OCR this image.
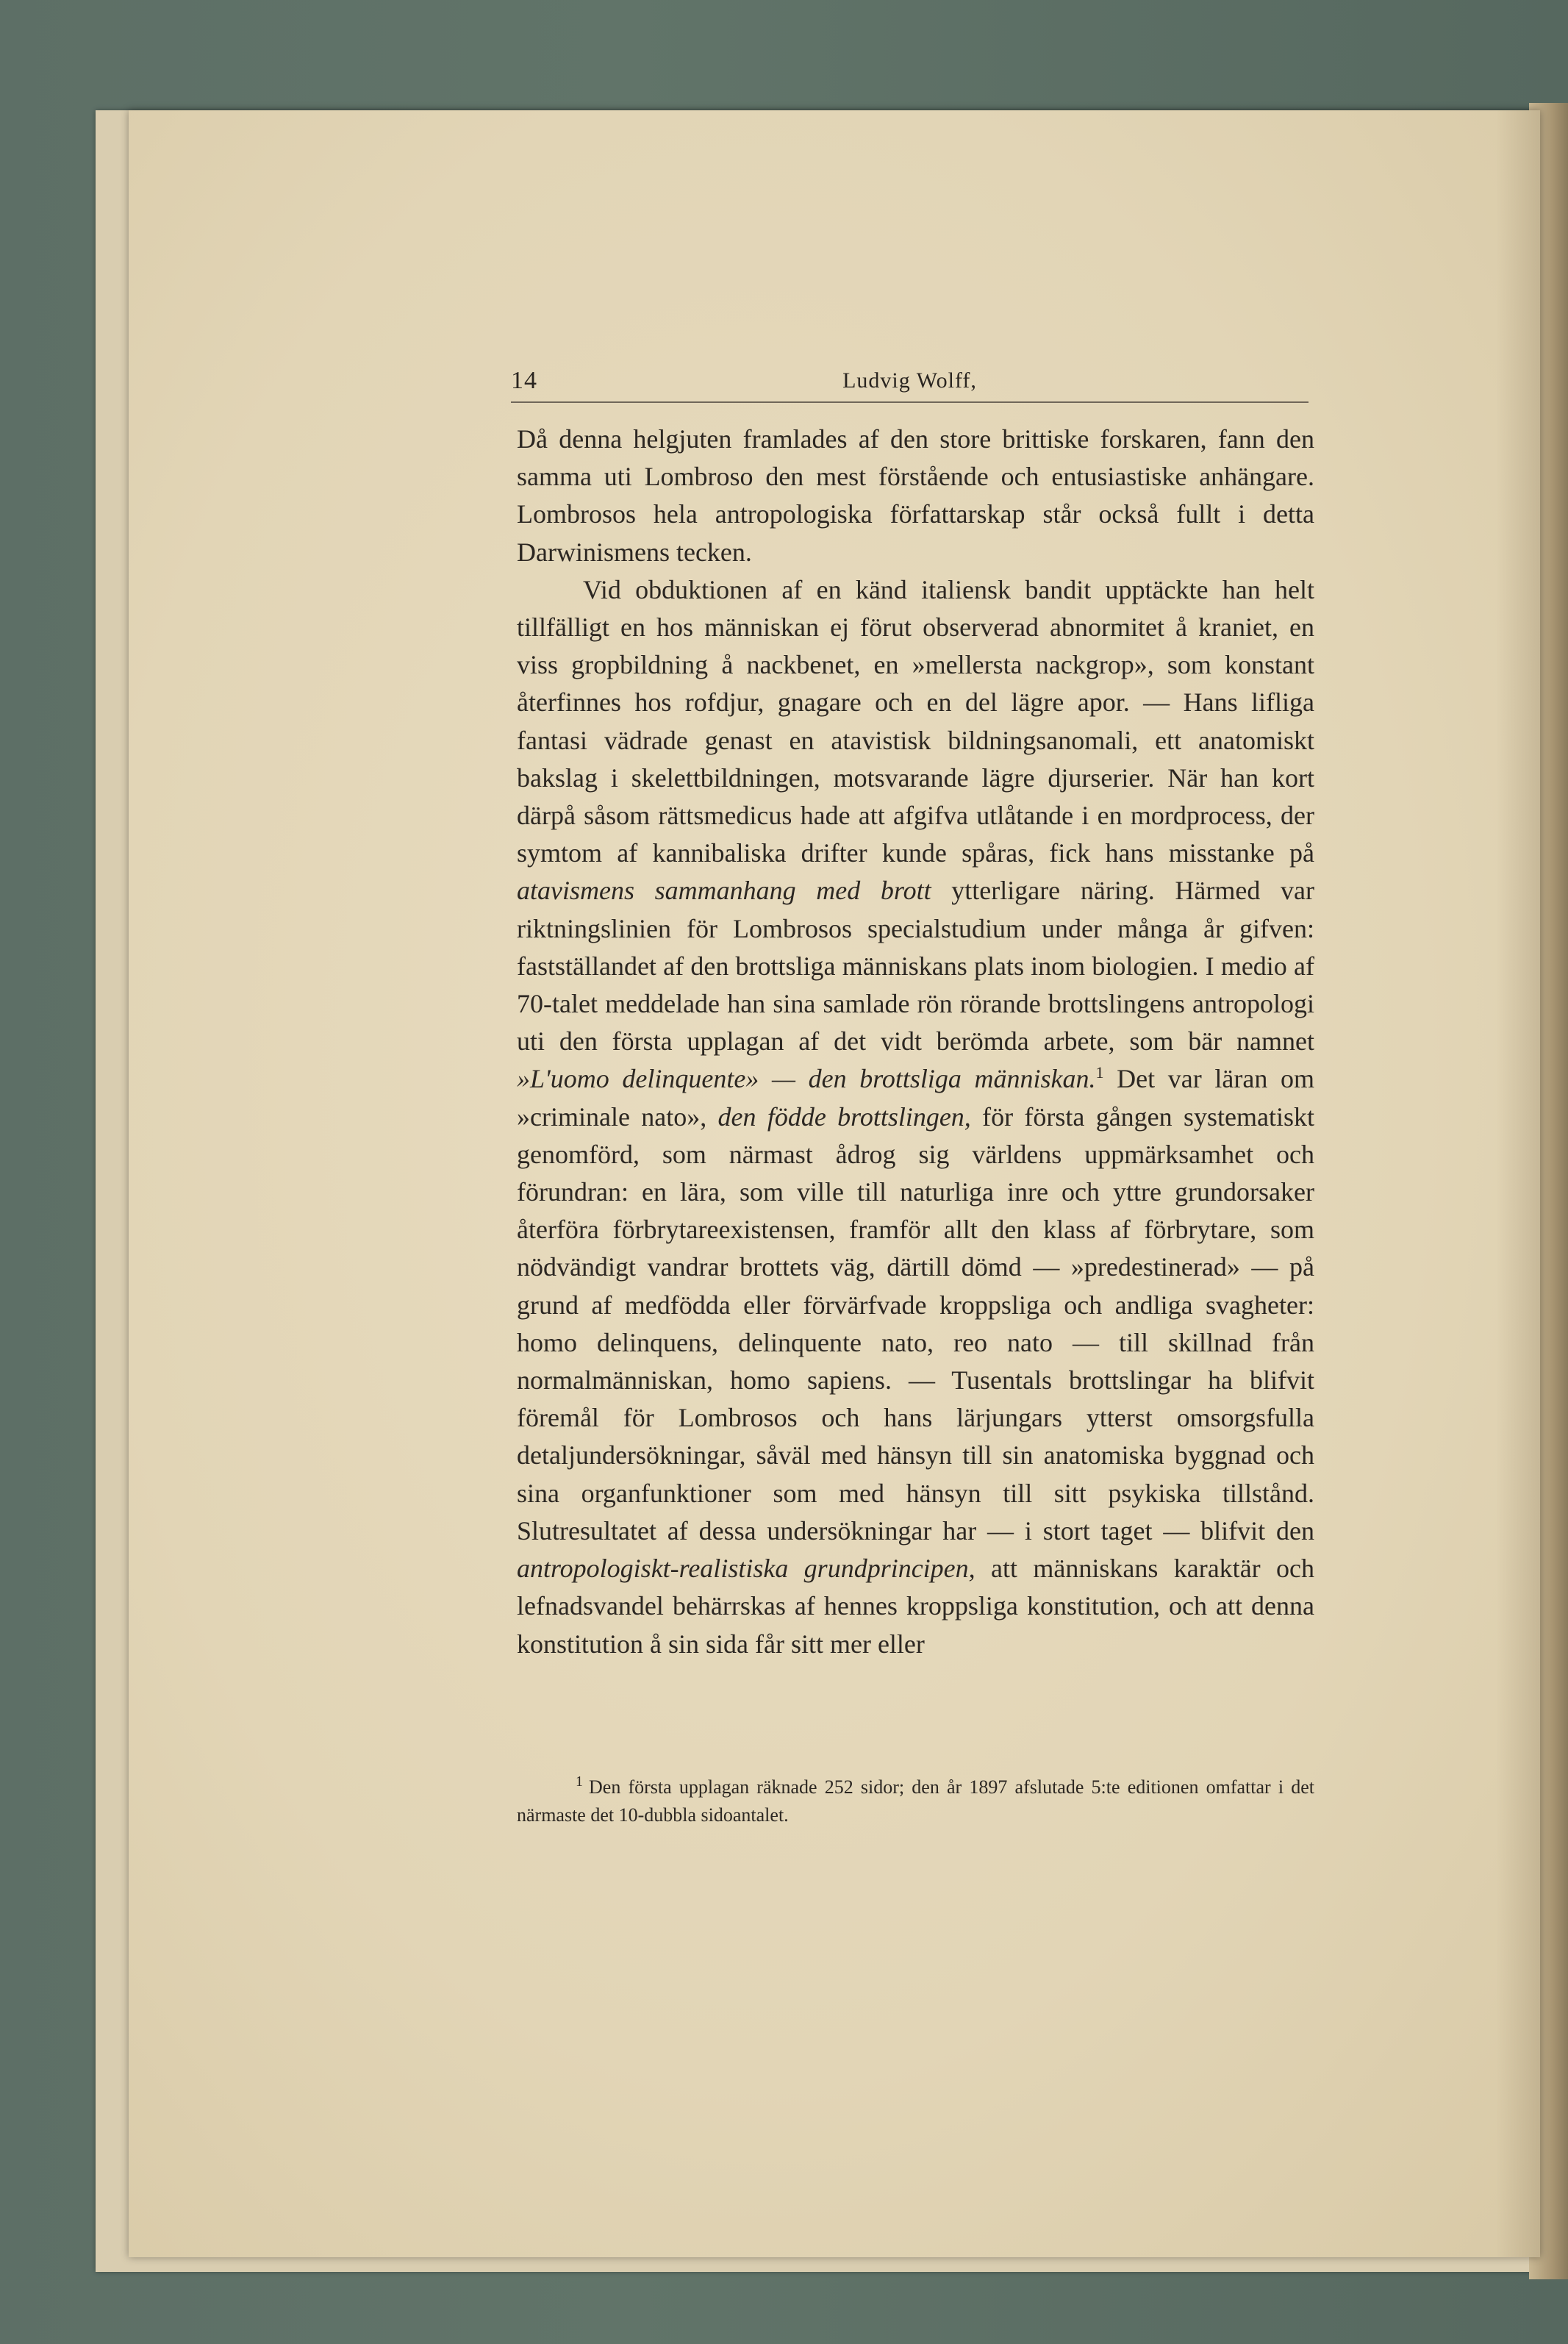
14	Ludvig Wolff,

Då denna helgjuten framlades af den store brittiske forskaren, fann den samma uti Lombroso den mest förstående och entusiastiske anhängare. Lombrosos hela antropologiska författarskap står också fullt i detta Darwinismens tecken.

Vid obduktionen af en känd italiensk bandit upptäckte han helt tillfälligt en hos människan ej förut observerad abnormitet å kraniet, en viss gropbildning å nackbenet, en »mellersta nackgrop», som konstant återfinnes hos rofdjur, gnagare och en del lägre apor. — Hans lifliga fantasi vädrade genast en atavistisk bildningsanomali, ett anatomiskt bakslag i skelettbildningen, motsvarande lägre djurserier. När han kort därpå såsom rättsmedicus hade att afgifva utlåtande i en mordprocess, der symtom af kannibaliska drifter kunde spåras, fick hans misstanke på atavismens sammanhang med brott ytterligare näring. Härmed var riktningslinien för Lombrosos specialstudium under många år gifven: fastställandet af den brottsliga människans plats inom biologien. I medio af 70-talet meddelade han sina samlade rön rörande brottslingens antropologi uti den första upplagan af det vidt berömda arbete, som bär namnet »L'uomo delinquente» — den brottsliga människan.$^1$ Det var läran om »criminale nato», den födde brottslingen, för första gången systematiskt genomförd, som närmast ådrog sig världens uppmärksamhet och förundran: en lära, som ville till naturliga inre och yttre grundorsaker återföra förbrytareexistensen, framför allt den klass af förbrytare, som nödvändigt vandrar brottets väg, därtill dömd — »predestinerad» — på grund af medfödda eller förvärfvade kroppsliga och andliga svagheter: homo delinquens, delinquente nato, reo nato — till skillnad från normalmänniskan, homo sapiens. — Tusentals brottslingar ha blifvit föremål för Lombrosos och hans lärjungars ytterst omsorgsfulla detaljundersökningar, såväl med hänsyn till sin anatomiska byggnad och sina organfunktioner som med hänsyn till sitt psykiska tillstånd. Slutresultatet af dessa undersökningar har — i stort taget — blifvit den antropologiskt-realistiska grundprincipen, att människans karaktär och lefnadsvandel behärrskas af hennes kroppsliga konstitution, och att denna konstitution å sin sida får sitt mer eller

$^1$ Den första upplagan räknade 252 sidor; den år 1897 afslutade 5:te editionen omfattar i det närmaste det 10-dubbla sidoantalet.
